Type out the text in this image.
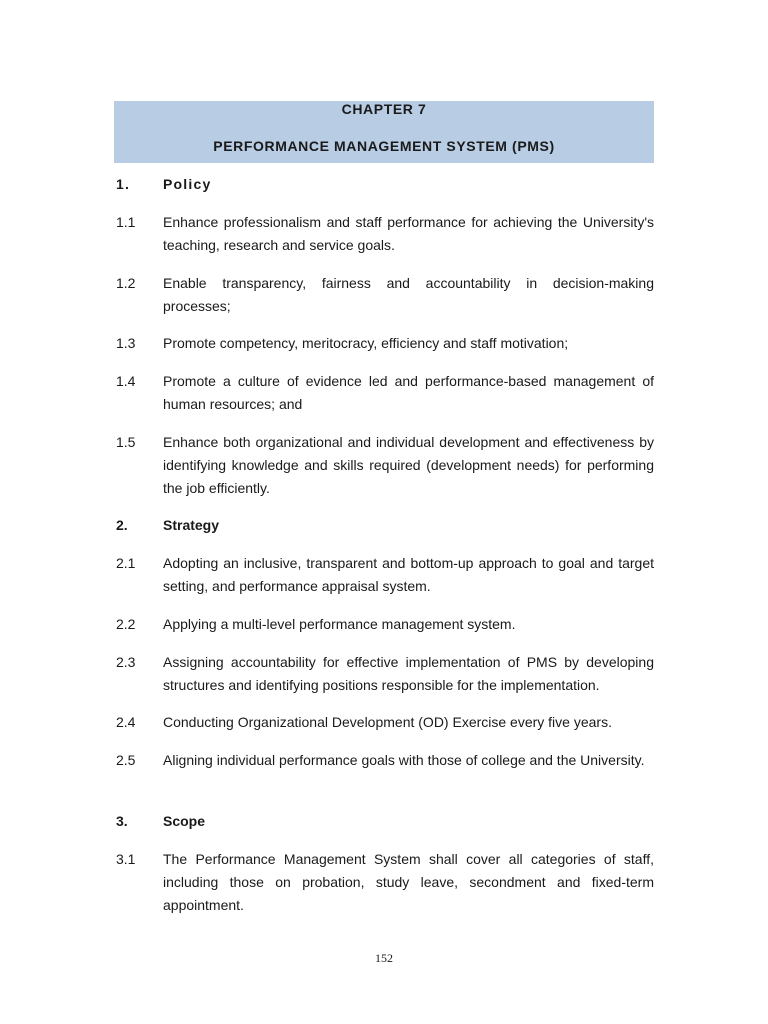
CHAPTER 7
PERFORMANCE MANAGEMENT SYSTEM (PMS)
1. Policy
1.1 Enhance professionalism and staff performance for achieving the University's teaching, research and service goals.
1.2 Enable transparency, fairness and accountability in decision-making processes;
1.3 Promote competency, meritocracy, efficiency and staff motivation;
1.4 Promote a culture of evidence led and performance-based management of human resources; and
1.5 Enhance both organizational and individual development and effectiveness by identifying knowledge and skills required (development needs) for performing the job efficiently.
2.	Strategy
2.1 Adopting an inclusive, transparent and bottom-up approach to goal and target setting, and performance appraisal system.
2.2 Applying a multi-level performance management system.
2.3 Assigning accountability for effective implementation of PMS by developing structures and identifying positions responsible for the implementation.
2.4 Conducting Organizational Development (OD) Exercise every five years.
2.5 Aligning individual performance goals with those of college and the University.
3.	Scope
3.1 The Performance Management System shall cover all categories of staff, including those on probation, study leave, secondment and fixed-term appointment.
152
